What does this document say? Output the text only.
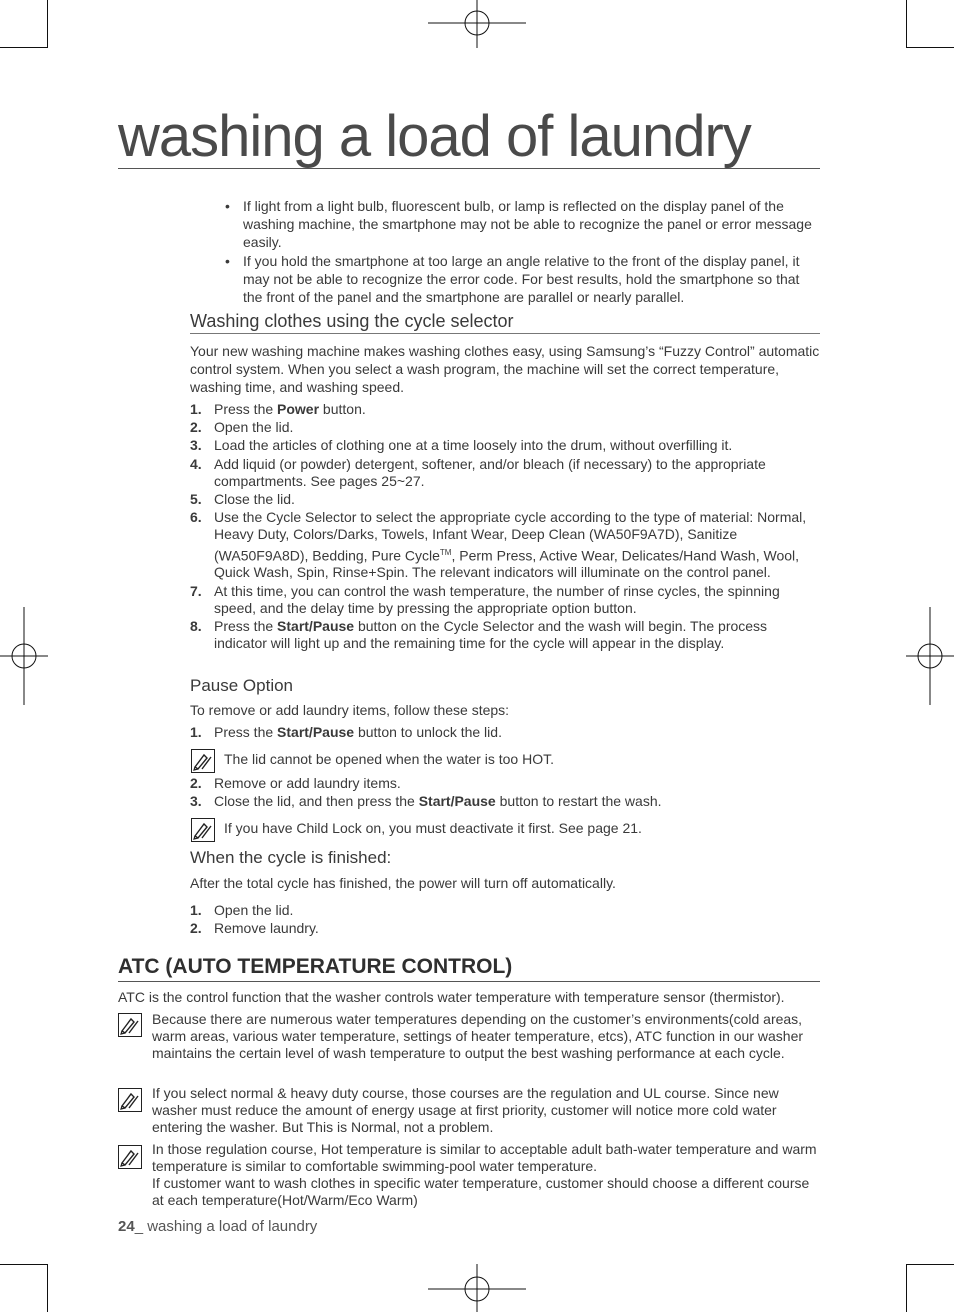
washing a load of laundry
• If light from a light bulb, fluorescent bulb, or lamp is reflected on the display panel of the washing machine, the smartphone may not be able to recognize the panel or error message easily.
• If you hold the smartphone at too large an angle relative to the front of the display panel, it may not be able to recognize the error code. For best results, hold the smartphone so that the front of the panel and the smartphone are parallel or nearly parallel.
Washing clothes using the cycle selector
Your new washing machine makes washing clothes easy, using Samsung’s “Fuzzy Control” automatic control system. When you select a wash program, the machine will set the correct temperature, washing time, and washing speed.
1. Press the Power button.
2. Open the lid.
3. Load the articles of clothing one at a time loosely into the drum, without overfilling it.
4. Add liquid (or powder) detergent, softener, and/or bleach (if necessary) to the appropriate compartments. See pages 25~27.
5. Close the lid.
6. Use the Cycle Selector to select the appropriate cycle according to the type of material: Normal, Heavy Duty, Colors/Darks, Towels, Infant Wear, Deep Clean (WA50F9A7D), Sanitize (WA50F9A8D), Bedding, Pure Cycle™, Perm Press, Active Wear, Delicates/Hand Wash, Wool, Quick Wash, Spin, Rinse+Spin. The relevant indicators will illuminate on the control panel.
7. At this time, you can control the wash temperature, the number of rinse cycles, the spinning speed, and the delay time by pressing the appropriate option button.
8. Press the Start/Pause button on the Cycle Selector and the wash will begin. The process indicator will light up and the remaining time for the cycle will appear in the display.
Pause Option
To remove or add laundry items, follow these steps:
1. Press the Start/Pause button to unlock the lid.
The lid cannot be opened when the water is too HOT.
2. Remove or add laundry items.
3. Close the lid, and then press the Start/Pause button to restart the wash.
If you have Child Lock on, you must deactivate it first. See page 21.
When the cycle is finished:
After the total cycle has finished, the power will turn off automatically.
1. Open the lid.
2. Remove laundry.
ATC (AUTO TEMPERATURE CONTROL)
ATC is the control function that the washer controls water temperature with temperature sensor (thermistor).
Because there are numerous water temperatures depending on the customer’s environments(cold areas, warm areas, various water temperature, settings of heater temperature, etcs), ATC function in our washer maintains the certain level of wash temperature to output the best washing performance at each cycle.
If you select normal & heavy duty course, those courses are the regulation and UL course. Since new washer must reduce the amount of energy usage at first priority, customer will notice more cold water entering the washer. But This is Normal, not a problem.
In those regulation course, Hot temperature is similar to acceptable adult bath-water temperature and warm temperature is similar to comfortable swimming-pool water temperature.
If customer want to wash clothes in specific water temperature, customer should choose a different course at each temperature(Hot/Warm/Eco Warm)
24_ washing a load of laundry
